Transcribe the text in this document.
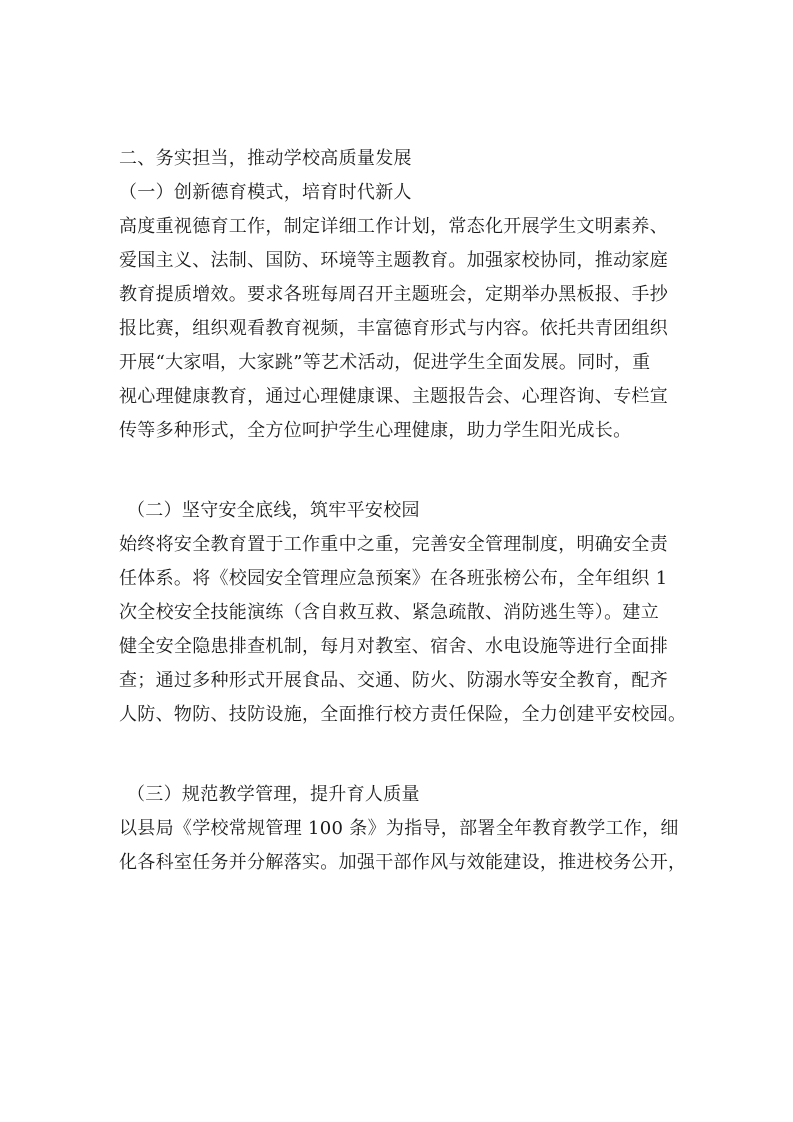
二、务实担当，推动学校高质量发展
（一）创新德育模式，培育时代新人
高度重视德育工作，制定详细工作计划，常态化开展学生文明素养、
爱国主义、法制、国防、环境等主题教育。加强家校协同，推动家庭
教育提质增效。要求各班每周召开主题班会，定期举办黑板报、手抄
报比赛，组织观看教育视频，丰富德育形式与内容。依托共青团组织
开展“大家唱，大家跳”等艺术活动，促进学生全面发展。同时，重
视心理健康教育，通过心理健康课、主题报告会、心理咨询、专栏宣
传等多种形式，全方位呵护学生心理健康，助力学生阳光成长。
（二）坚守安全底线，筑牢平安校园
始终将安全教育置于工作重中之重，完善安全管理制度，明确安全责
任体系。将《校园安全管理应急预案》在各班张榜公布，全年组织 1
次全校安全技能演练（含自救互救、紧急疏散、消防逃生等）。建立
健全安全隐患排查机制，每月对教室、宿舍、水电设施等进行全面排
查；通过多种形式开展食品、交通、防火、防溺水等安全教育，配齐
人防、物防、技防设施，全面推行校方责任保险，全力创建平安校园。
（三）规范教学管理，提升育人质量
以县局《学校常规管理 100 条》为指导，部署全年教育教学工作，细
化各科室任务并分解落实。加强干部作风与效能建设，推进校务公开，
